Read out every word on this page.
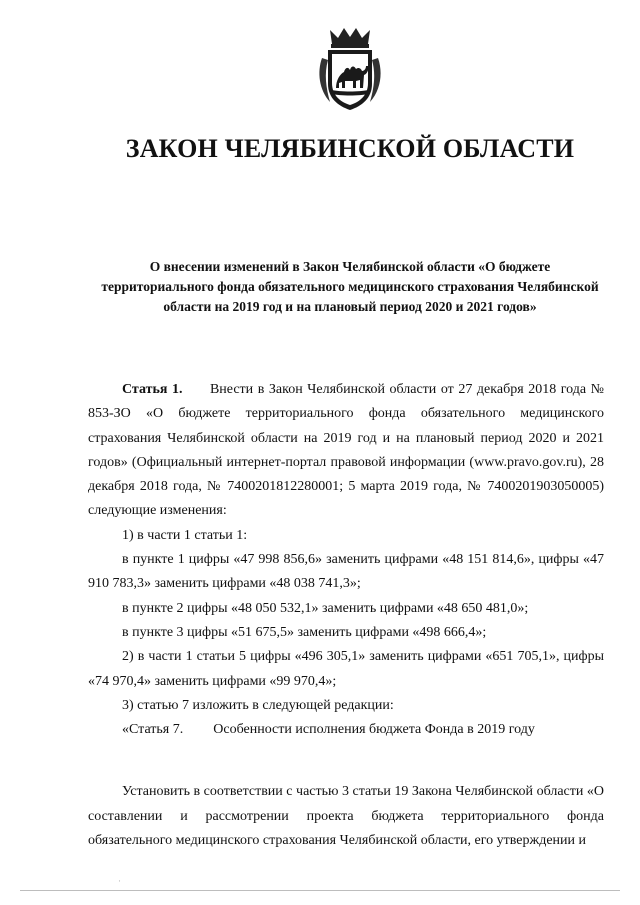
ЗАКОН ЧЕЛЯБИНСКОЙ ОБЛАСТИ
О внесении изменений в Закон Челябинской области «О бюджете
территориального фонда обязательного медицинского страхования Челябинской
области на 2019 год и на плановый период 2020 и 2021 годов»

Статья 1. Внести в Закон Челябинской области от 27 декабря 2018 года № 853-ЗО «О бюджете территориального фонда обязательного медицинского страхования Челябинской области на 2019 год и на плановый период 2020 и 2021 годов» (Официальный интернет-портал правовой информации (www.pravo.gov.ru), 28 декабря 2018 года, № 7400201812280001; 5 марта 2019 года, № 7400201903050005) следующие изменения:

1) в части 1 статьи 1:

в пункте 1 цифры «47 998 856,6» заменить цифрами «48 151 814,6», цифры «47 910 783,3» заменить цифрами «48 038 741,3»;

в пункте 2 цифры «48 050 532,1» заменить цифрами «48 650 481,0»;

в пункте 3 цифры «51 675,5» заменить цифрами «498 666,4»;

2) в части 1 статьи 5 цифры «496 305,1» заменить цифрами «651 705,1», цифры «74 970,4» заменить цифрами «99 970,4»;

3) статью 7 изложить в следующей редакции:

«Статья 7. Особенности исполнения бюджета Фонда в 2019 году

Установить в соответствии с частью 3 статьи 19 Закона Челябинской области «О составлении и рассмотрении проекта бюджета территориального фонда обязательного медицинского страхования Челябинской области, его утверждении и

·
